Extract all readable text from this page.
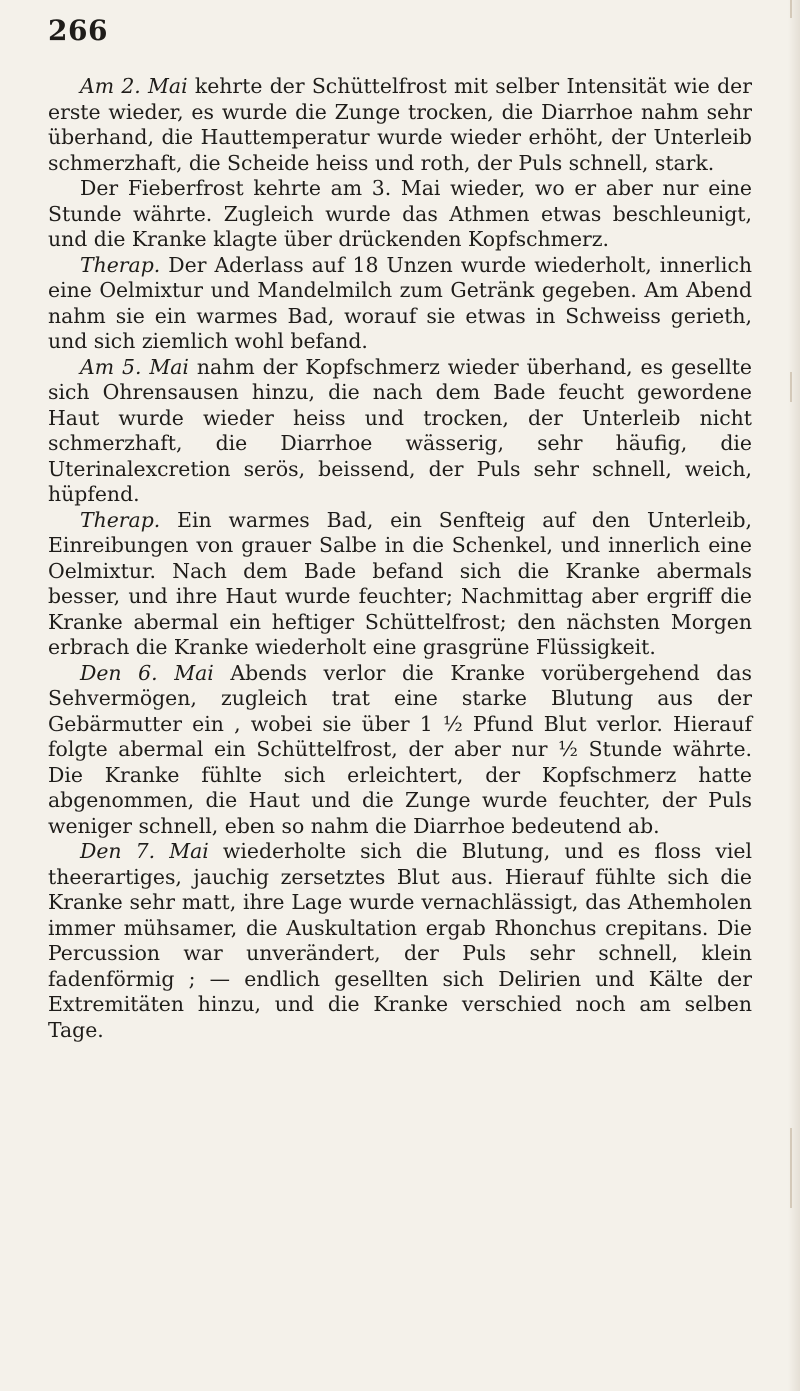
266

Am 2. Mai kehrte der Schüttelfrost mit selber Intensität wie der erste wieder, es wurde die Zunge trocken, die Diarrhoe nahm sehr überhand, die Hauttemperatur wurde wieder erhöht, der Unterleib schmerzhaft, die Scheide heiss und roth, der Puls schnell, stark.

Der Fieberfrost kehrte am 3. Mai wieder, wo er aber nur eine Stunde währte. Zugleich wurde das Athmen etwas beschleunigt, und die Kranke klagte über drückenden Kopfschmerz.

Therap. Der Aderlass auf 18 Unzen wurde wiederholt, innerlich eine Oelmixtur und Mandelmilch zum Getränk gegeben. Am Abend nahm sie ein warmes Bad, worauf sie etwas in Schweiss gerieth, und sich ziemlich wohl befand.

Am 5. Mai nahm der Kopfschmerz wieder überhand, es gesellte sich Ohrensausen hinzu, die nach dem Bade feucht gewordene Haut wurde wieder heiss und trocken, der Unterleib nicht schmerzhaft, die Diarrhoe wässerig, sehr häufig, die Uterinalexcretion serös, beissend, der Puls sehr schnell, weich, hüpfend.

Therap. Ein warmes Bad, ein Senfteig auf den Unterleib, Einreibungen von grauer Salbe in die Schenkel, und innerlich eine Oelmixtur. Nach dem Bade befand sich die Kranke abermals besser, und ihre Haut wurde feuchter; Nachmittag aber ergriff die Kranke abermal ein heftiger Schüttelfrost; den nächsten Morgen erbrach die Kranke wiederholt eine grasgrüne Flüssigkeit.

Den 6. Mai Abends verlor die Kranke vorübergehend das Sehvermögen, zugleich trat eine starke Blutung aus der Gebärmutter ein , wobei sie über 1 ½ Pfund Blut verlor. Hierauf folgte abermal ein Schüttelfrost, der aber nur ½ Stunde währte. Die Kranke fühlte sich erleichtert, der Kopfschmerz hatte abgenommen, die Haut und die Zunge wurde feuchter, der Puls weniger schnell, eben so nahm die Diarrhoe bedeutend ab.

Den 7. Mai wiederholte sich die Blutung, und es floss viel theerartiges, jauchig zersetztes Blut aus. Hierauf fühlte sich die Kranke sehr matt, ihre Lage wurde vernachlässigt, das Athemholen immer mühsamer, die Auskultation ergab Rhonchus crepitans. Die Percussion war unverändert, der Puls sehr schnell, klein fadenförmig ; — endlich gesellten sich Delirien und Kälte der Extremitäten hinzu, und die Kranke verschied noch am selben Tage.
